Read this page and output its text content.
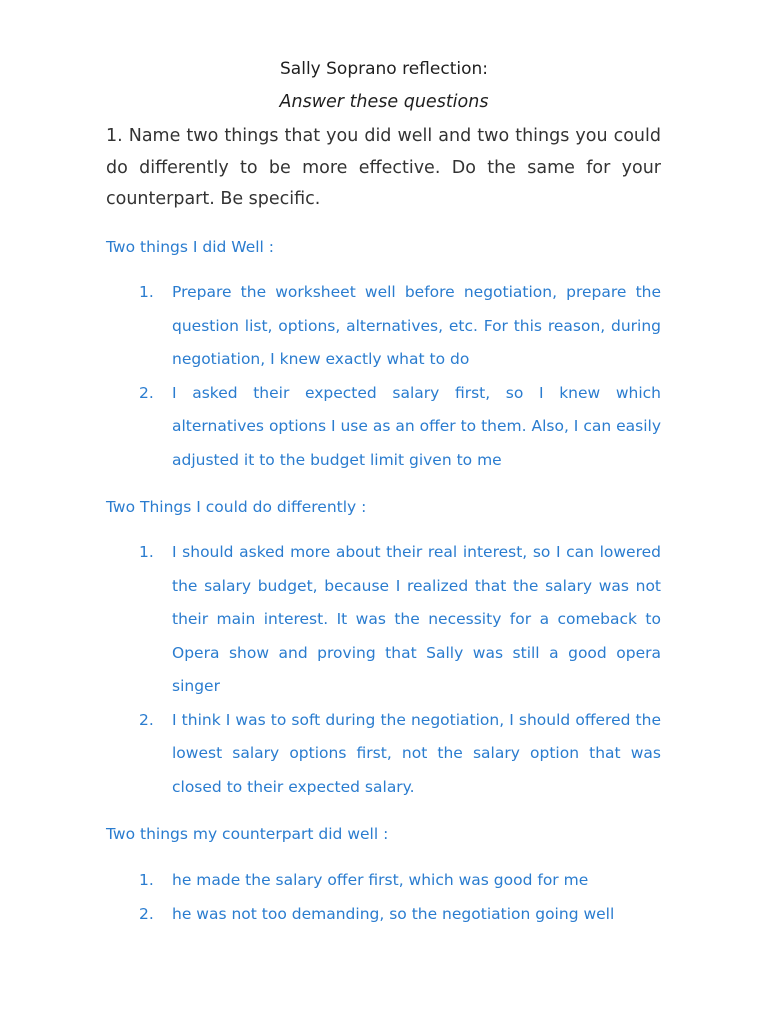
Sally Soprano reflection:
Answer these questions

1. Name two things that you did well and two things you could do differently to be more effective. Do the same for your counterpart. Be specific.

Two things I did Well :

1. Prepare the worksheet well before negotiation, prepare the question list, options, alternatives, etc. For this reason, during negotiation, I knew exactly what to do
2. I asked their expected salary first, so I knew which alternatives options I use as an offer to them. Also, I can easily adjusted it to the budget limit given to me

Two Things I could do differently :

1. I should asked more about their real interest, so I can lowered the salary budget, because I realized that the salary was not their main interest. It was the necessity for a comeback to Opera show and proving that Sally was still a good opera singer
2. I think I was to soft during the negotiation, I should offered the lowest salary options first, not the salary option that was closed to their expected salary.

Two things my counterpart did well :

1. he made the salary offer first, which was good for me
2. he was not too demanding, so the negotiation going well
